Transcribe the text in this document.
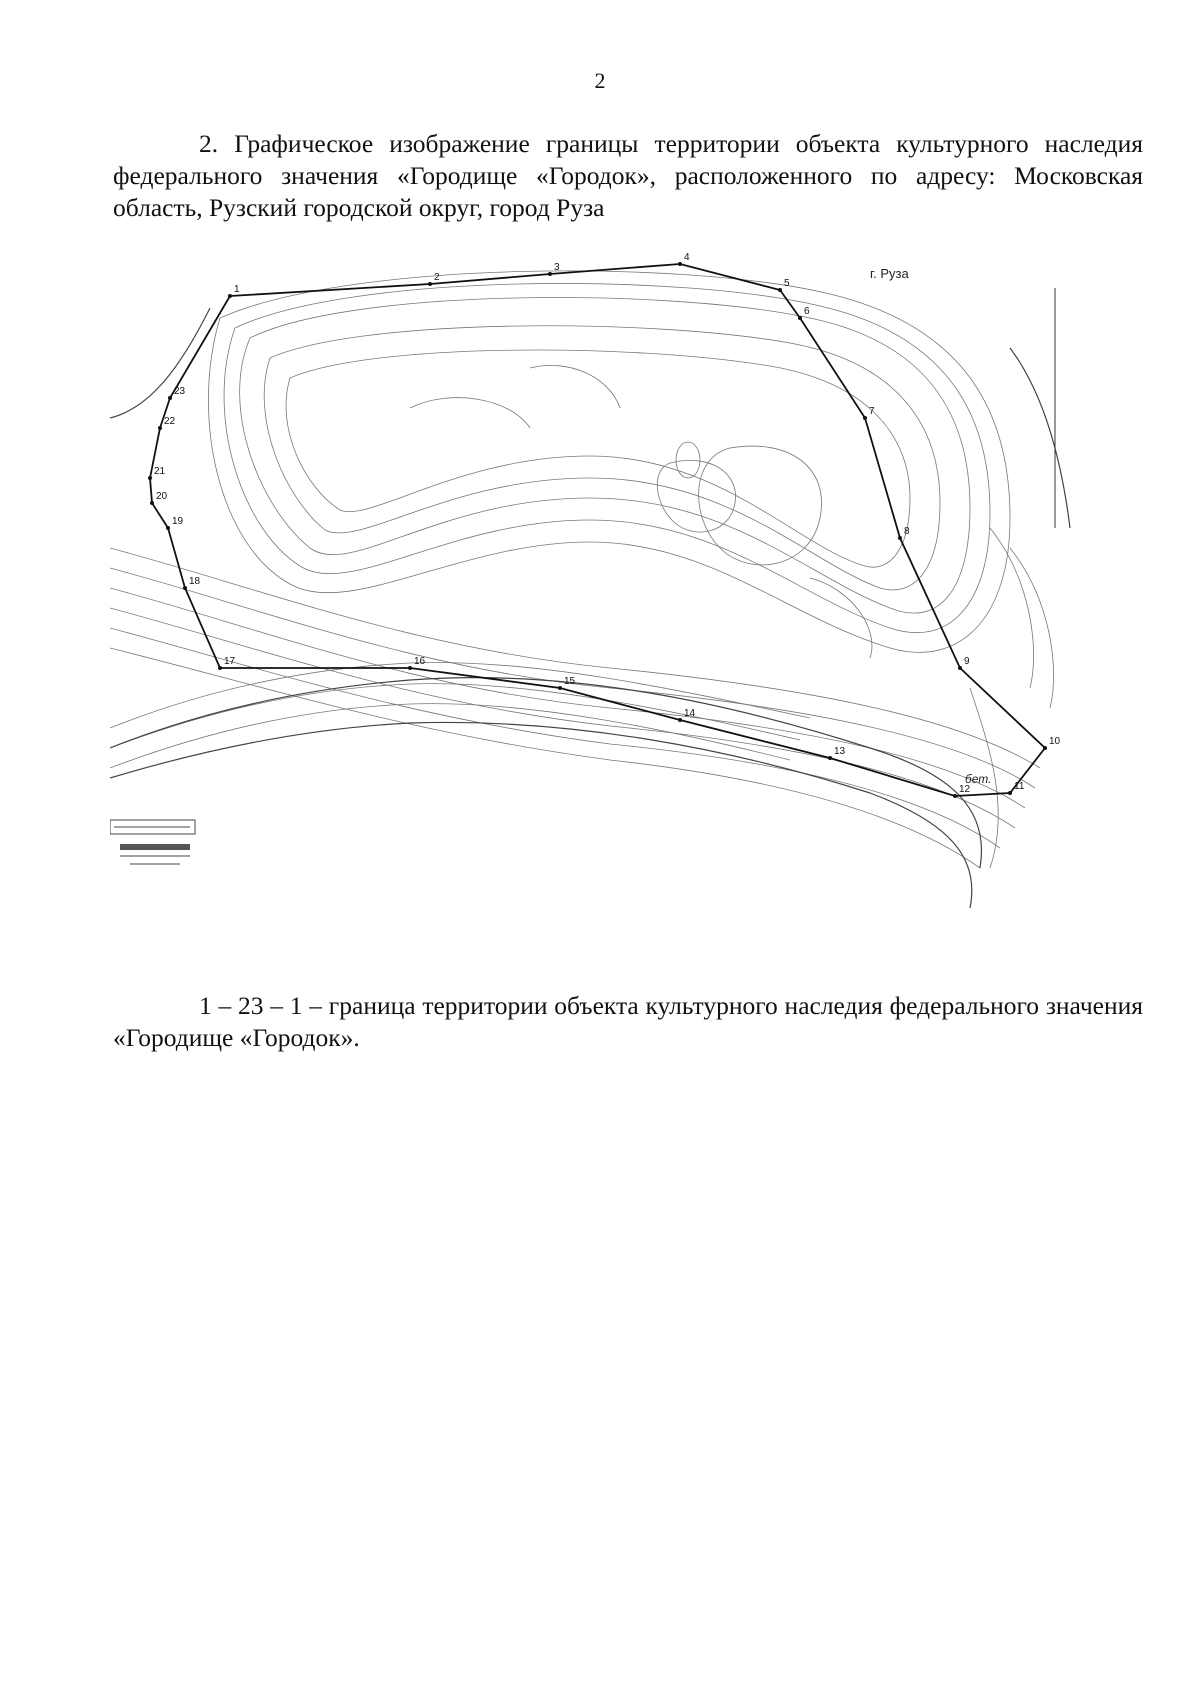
2
2. Графическое изображение границы территории объекта культурного наследия федерального значения «Городище «Городок», расположенного по адресу: Московская область, Рузский городской округ, город Руза
1
2
3
4
5
6
7
8
9
10
11
12
13
14
15
16
17
18
19
20
21
22
23
г. Руза
бет.
1 – 23 – 1 – граница территории объекта культурного наследия федерального значения «Городище «Городок».
